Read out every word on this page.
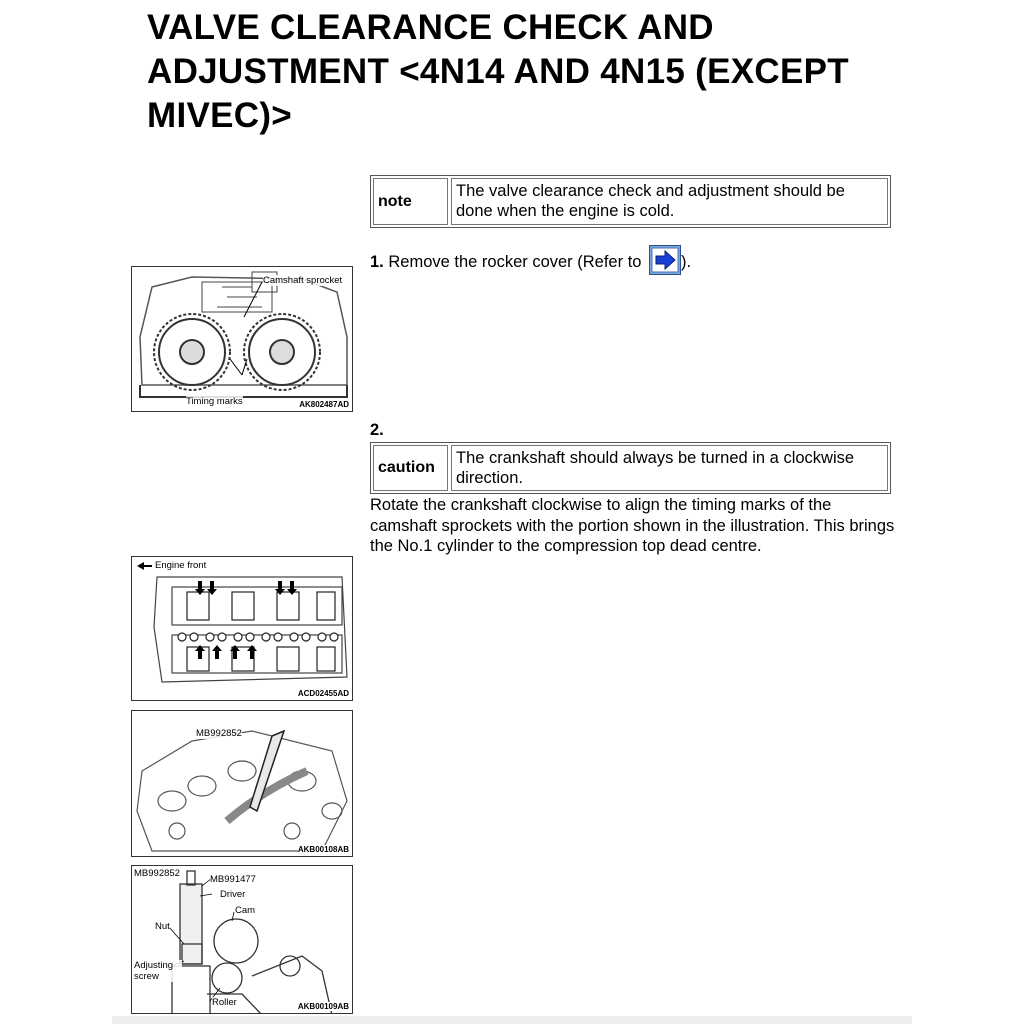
VALVE CLEARANCE CHECK AND ADJUSTMENT <4N14 AND 4N15 (EXCEPT MIVEC)>
note
The valve clearance check and adjustment should be done when the engine is cold.
1. Remove the rocker cover (Refer to ).
2.
caution
The crankshaft should always be turned in a clockwise direction.
Rotate the crankshaft clockwise to align the timing marks of the camshaft sprockets with the portion shown in the illustration. This brings the No.1 cylinder to the compression top dead centre.
Camshaft sprocket
Timing marks	AK802487AD
Engine front
ACD02455AD
MB992852
AKB00108AB
MB992852
MB991477
Driver
Cam
Nut
Adjusting screw
Roller	AKB00109AB
